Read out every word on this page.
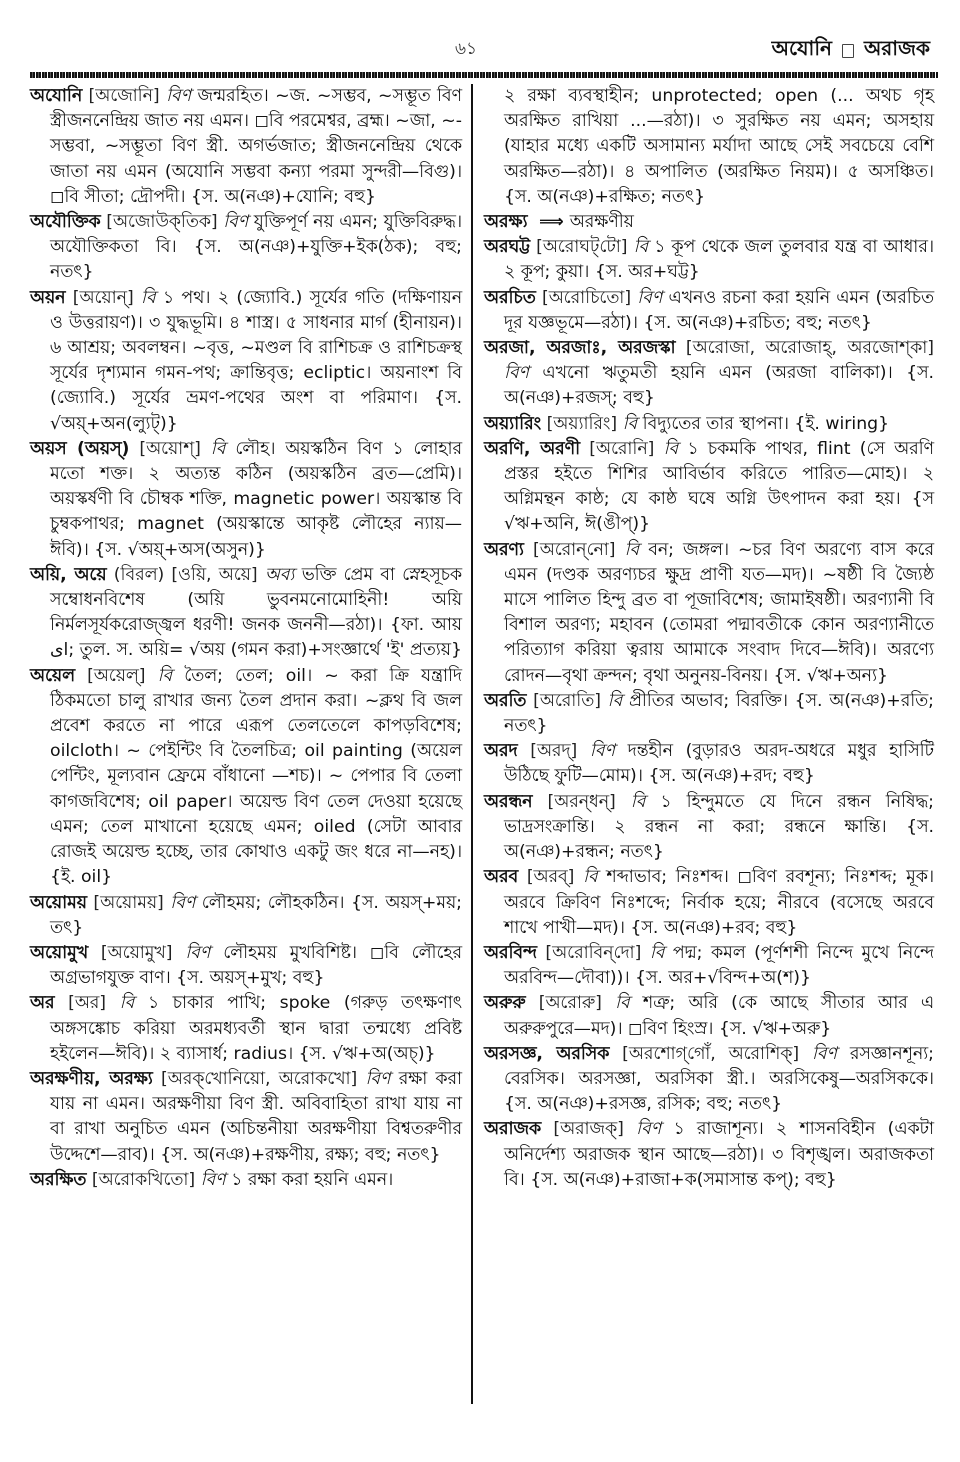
৬১	অযোনি অরাজক

অযোনি [অজোনি] বিণ জন্মরহিত। ~জ. ~সম্ভব, ~সম্ভূত বিণ স্ত্রীজননেন্দ্রিয় জাত নয় এমন। ◻বি পরমেশ্বর, ব্রহ্ম। ~জা, ~-সম্ভবা, ~সম্ভূতা বিণ স্ত্রী. অগর্ভজাত; স্ত্রীজননেন্দ্রিয় থেকে জাতা নয় এমন (অযোনি সম্ভবা কন্যা পরমা সুন্দরী—বিগু)। ◻বি সীতা; দ্রৌপদী। {স. অ(নঞ)+যোনি; বহু}

অযৌক্তিক [অজোউক্‌তিক] বিণ যুক্তিপূর্ণ নয় এমন; যুক্তিবিরুদ্ধ। অযৌক্তিকতা বি। {স. অ(নঞ)+যুক্তি+ইক(ঠক); বহু; নতৎ}

অয়ন [অয়োন্‌] বি ১ পথ। ২ (জ্যোবি.) সূর্যের গতি (দক্ষিণায়ন ও উত্তরায়ণ)। ৩ যুদ্ধভূমি। ৪ শাস্ত্র। ৫ সাধনার মার্গ (হীনায়ন)। ৬ আশ্রয়; অবলম্বন। ~বৃত্ত, ~মণ্ডল বি রাশিচক্র ও রাশিচক্রস্থ সূর্যের দৃশ্যমান গমন-পথ; ক্রান্তিবৃত্ত; ecliptic। অয়নাংশ বি (জ্যোবি.) সূর্যের ভ্রমণ-পথের অংশ বা পরিমাণ। {স. √অয়্+অন(ল্যুট্)}

অয়স (অয়স্) [অয়োশ্‌] বি লৌহ। অয়স্কঠিন বিণ ১ লোহার মতো শক্ত। ২ অত্যন্ত কঠিন (অয়স্কঠিন ব্রত—প্রেমি)। অয়স্কর্ষণী বি চৌম্বক শক্তি, magnetic power। অয়স্কান্ত বি চুম্বকপাথর; magnet (অয়স্কান্তে আকৃষ্ট লৌহের ন্যায়—ঈবি)। {স. √অয়্+অস(অসুন)}

অয়ি, অয়ে (বিরল) [ওয়ি, অয়ে] অব্য ভক্তি প্রেম বা স্নেহসূচক সম্বোধনবিশেষ (অয়ি ভুবনমনোমোহিনী! অয়ি নির্মলসূর্যকরোজ্জ্বল ধরণী! জনক জননী—রঠা)। {ফা. আয় ای; তুল. স. অয়ি= √অয় (গমন করা)+সংজ্ঞার্থে 'ই' প্রত্যয়}

অয়েল [অয়েল্‌] বি তৈল; তেল; oil। ~ করা ক্রি যন্ত্রাদি ঠিকমতো চালু রাখার জন্য তৈল প্রদান করা। ~ক্লথ বি জল প্রবেশ করতে না পারে এরূপ তেলতেলে কাপড়বিশেষ; oilcloth। ~ পেইন্টিং বি তৈলচিত্র; oil painting (অয়েল পেন্টিং, মূল্যবান ফ্রেমে বাঁধানো —শচ)। ~ পেপার বি তেলা কাগজবিশেষ; oil paper। অয়েল্ড বিণ তেল দেওয়া হয়েছে এমন; তেল মাখানো হয়েছে এমন; oiled (সেটা আবার রোজই অয়েল্ড হচ্ছে, তার কোথাও একটু জং ধরে না—নহ)। {ই. oil}

অয়োময় [অয়োময়] বিণ লৌহময়; লৌহকঠিন। {স. অয়স্+ময়; তৎ}

অয়োমুখ [অয়োমুখ] বিণ লৌহময় মুখবিশিষ্ট। ◻বি লৌহের অগ্রভাগযুক্ত বাণ। {স. অয়স্+মুখ; বহু}

অর [অর] বি ১ চাকার পাখি; spoke (গরুড় তৎক্ষণাৎ অঙ্গসঙ্কোচ করিয়া অরমধ্যবর্তী স্থান দ্বারা তন্মধ্যে প্রবিষ্ট হইলেন—ঈবি)। ২ ব্যাসার্ধ; radius। {স. √ঋ+অ(অচ্)}

অরক্ষণীয়, অরক্ষ্য [অরক্‌খোনিয়ো, অরোকখো] বিণ রক্ষা করা যায় না এমন। অরক্ষণীয়া বিণ স্ত্রী. অবিবাহিতা রাখা যায় না বা রাখা অনুচিত এমন (অচিন্তনীয়া অরক্ষণীয়া বিশ্বতরুণীর উদ্দেশে—রাব)। {স. অ(নঞ)+রক্ষণীয়, রক্ষ্য; বহু; নতৎ}

অরক্ষিত [অরোকখিতো] বিণ ১ রক্ষা করা হয়নি এমন।

২ রক্ষা ব্যবস্থাহীন; unprotected; open (... অথচ গৃহ অরক্ষিত রাখিয়া ...—রঠা)। ৩ সুরক্ষিত নয় এমন; অসহায় (যাহার মধ্যে একটি অসামান্য মর্যাদা আছে সেই সবচেয়ে বেশি অরক্ষিত—রঠা)। ৪ অপালিত (অরক্ষিত নিয়ম)। ৫ অসঞ্চিত। {স. অ(নঞ)+রক্ষিত; নতৎ}

অরক্ষ্য ⟹ অরক্ষণীয়

অরঘট্ট [অরোঘট্‌টো] বি ১ কূপ থেকে জল তুলবার যন্ত্র বা আধার। ২ কূপ; কুয়া। {স. অর+ঘট্ট}

অরচিত [অরোচিতো] বিণ এখনও রচনা করা হয়নি এমন (অরচিত দূর যজ্ঞভূমে—রঠা)। {স. অ(নঞ)+রচিত; বহু; নতৎ}

অরজা, অরজাঃ, অরজস্কা [অরোজা, অরোজাহ্‌, অরজোশ্‌কা] বিণ এখনো ঋতুমতী হয়নি এমন (অরজা বালিকা)। {স. অ(নঞ)+রজস্; বহু}

অয়্যারিং [অয়্যারিং] বি বিদ্যুতের তার স্থাপনা। {ই. wiring}

অরণি, অরণী [অরোনি] বি ১ চকমকি পাথর, flint (সে অরণি প্রস্তর হইতে শিশির আবির্ভাব করিতে পারিত—মোহ)। ২ অগ্নিমন্থন কাষ্ঠ; যে কাষ্ঠ ঘষে অগ্নি উৎপাদন করা হয়। {স √ঋ+অনি, ঈ(ঙীপ্)}

অরণ্য [অরোন্‌নো] বি বন; জঙ্গল। ~চর বিণ অরণ্যে বাস করে এমন (দণ্ডক অরণ্যচর ক্ষুদ্র প্রাণী যত—মদ)। ~ষষ্ঠী বি জ্যৈষ্ঠ মাসে পালিত হিন্দু ব্রত বা পূজাবিশেষ; জামাইষষ্ঠী। অরণ্যানী বি বিশাল অরণ্য; মহাবন (তোমরা পদ্মাবতীকে কোন অরণ্যানীতে পরিত্যাগ করিয়া ত্বরায় আমাকে সংবাদ দিবে—ঈবি)। অরণ্যে রোদন—বৃথা ক্রন্দন; বৃথা অনুনয়-বিনয়। {স. √ঋ+অন্য}

অরতি [অরোতি] বি প্রীতির অভাব; বিরক্তি। {স. অ(নঞ)+রতি; নতৎ}

অরদ [অরদ্‌] বিণ দন্তহীন (বুড়ারও অরদ-অধরে মধুর হাসিটি উঠিছে ফুটি—মোম)। {স. অ(নঞ)+রদ; বহু}

অরন্ধন [অরন্‌ধন্‌] বি ১ হিন্দুমতে যে দিনে রন্ধন নিষিদ্ধ; ভাদ্রসংক্রান্তি। ২ রন্ধন না করা; রন্ধনে ক্ষান্তি। {স. অ(নঞ)+রন্ধন; নতৎ}

অরব [অরব্‌] বি শব্দাভাব; নিঃশব্দ। ◻বিণ রবশূন্য; নিঃশব্দ; মূক। অরবে ক্রিবিণ নিঃশব্দে; নির্বাক হয়ে; নীরবে (বসেছে অরবে শাখে পাখী—মদ)। {স. অ(নঞ)+রব; বহু}

অরবিন্দ [অরোবিন্‌দো] বি পদ্ম; কমল (পূর্ণশশী নিন্দে মুখে নিন্দে অরবিন্দ—দৌবা))। {স. অর+√বিন্দ+অ(শ)}

অরুরু [অরোরু] বি শত্রু; অরি (কে আছে সীতার আর এ অরুরুপুরে—মদ)। ◻বিণ হিংস্র। {স. √ঋ+অরু}

অরসজ্ঞ, অরসিক [অরশোগ্‌গোঁ, অরোশিক্‌] বিণ রসজ্ঞানশূন্য; বেরসিক। অরসজ্ঞা, অরসিকা স্ত্রী.। অরসিকেষু—অরসিককে। {স. অ(নঞ)+রসজ্ঞ, রসিক; বহু; নতৎ}

অরাজক [অরাজক্‌] বিণ ১ রাজাশূন্য। ২ শাসনবিহীন (একটা অনির্দেশ্য অরাজক স্থান আছে—রঠা)। ৩ বিশৃঙ্খল। অরাজকতা বি। {স. অ(নঞ)+রাজা+ক(সমাসান্ত কপ্); বহু}
